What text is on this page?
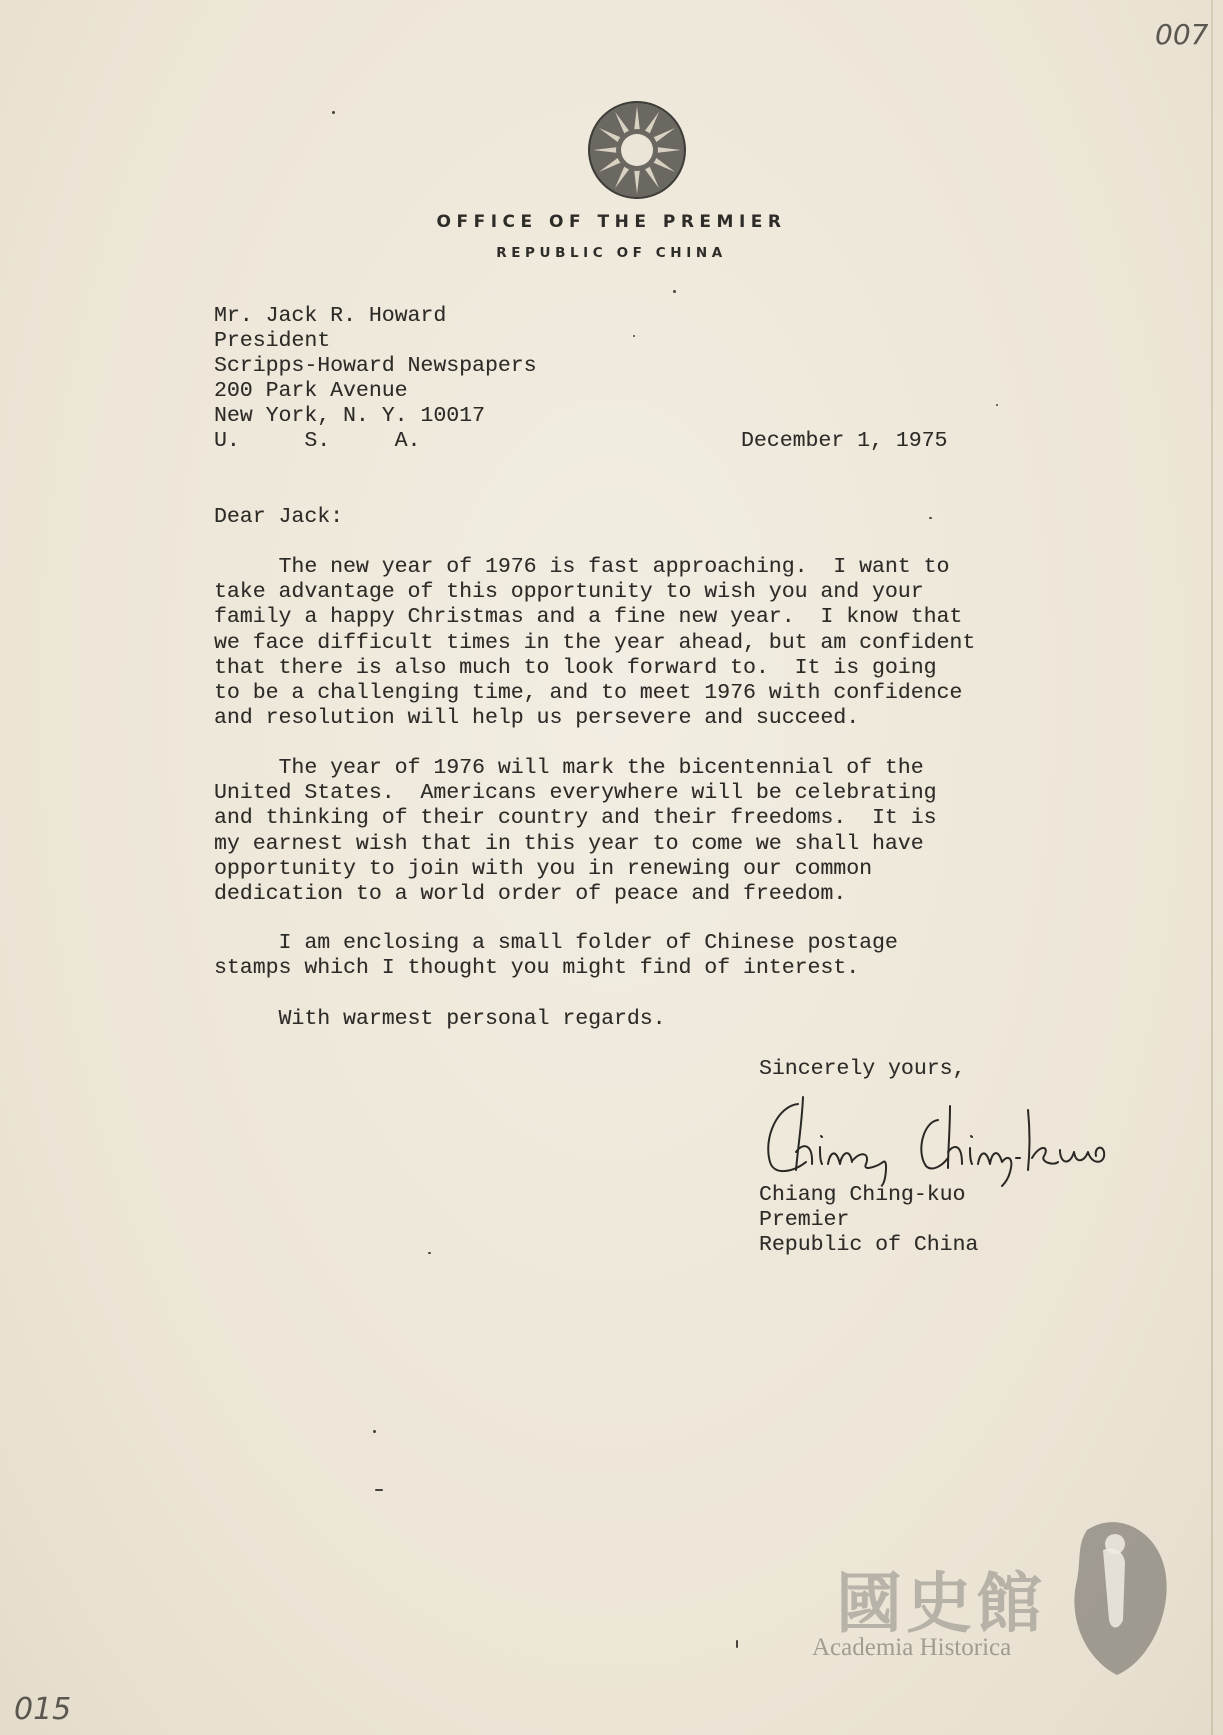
007
015
OFFICE OF THE PREMIER
REPUBLIC OF CHINA
Mr. Jack R. Howard
President
Scripps-Howard Newspapers
200 Park Avenue
New York, N. Y. 10017
U.     S.     A.	December 1, 1975
Dear Jack:
The new year of 1976 is fast approaching.  I want to
take advantage of this opportunity to wish you and your
family a happy Christmas and a fine new year.  I know that
we face difficult times in the year ahead, but am confident
that there is also much to look forward to.  It is going
to be a challenging time, and to meet 1976 with confidence
and resolution will help us persevere and succeed.
The year of 1976 will mark the bicentennial of the
United States.  Americans everywhere will be celebrating
and thinking of their country and their freedoms.  It is
my earnest wish that in this year to come we shall have
opportunity to join with you in renewing our common
dedication to a world order of peace and freedom.
I am enclosing a small folder of Chinese postage
stamps which I thought you might find of interest.
With warmest personal regards.
Sincerely yours,
Chiang Ching-kuo
Premier
Republic of China
國史館
Academia Historica
